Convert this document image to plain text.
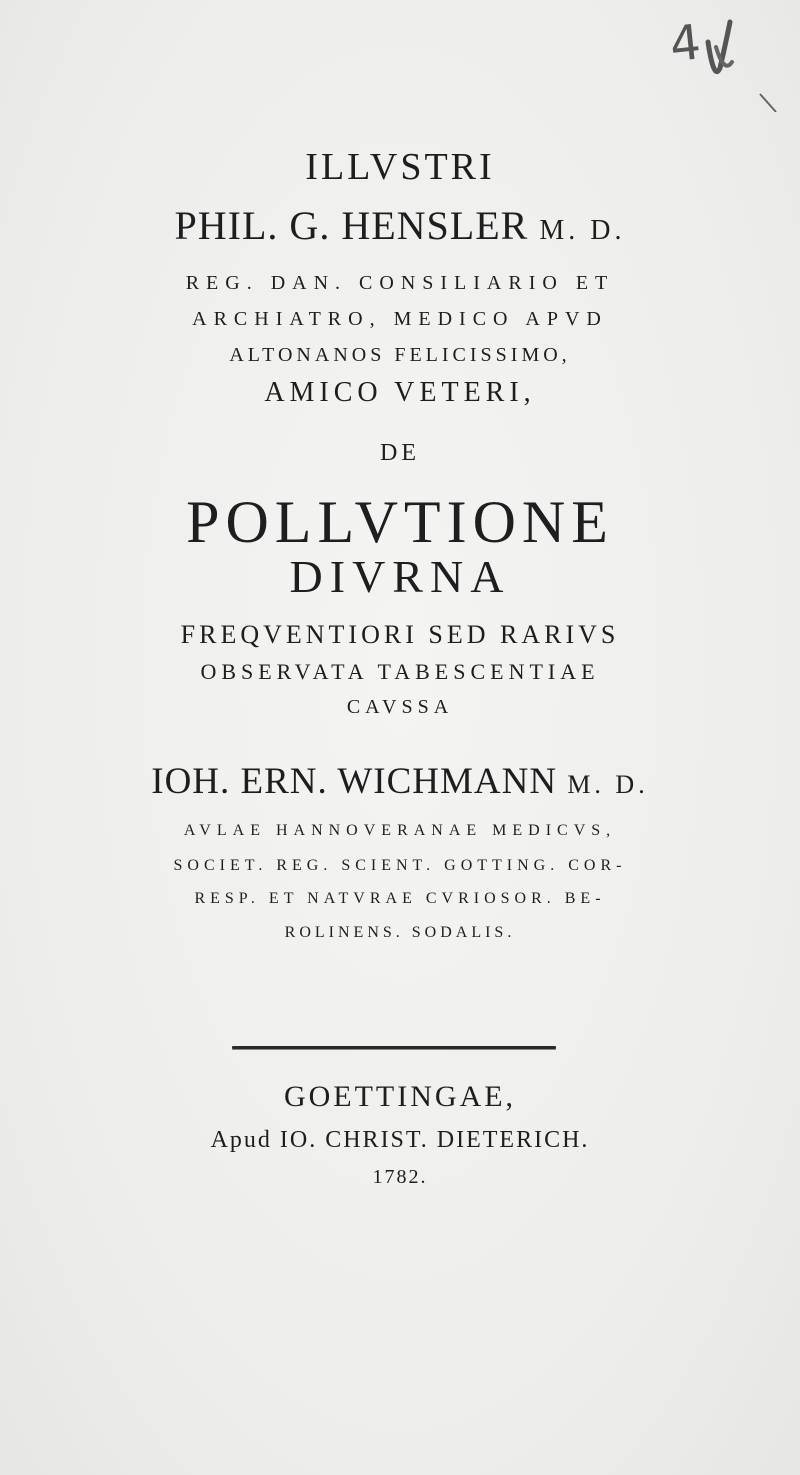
4
ILLVSTRI
PHIL. G. HENSLER M. D.
REG. DAN. CONSILIARIO ET
ARCHIATRO, MEDICO APVD
ALTONANOS FELICISSIMO,
AMICO VETERI,
DE
POLLVTIONE
DIVRNA
FREQVENTIORI SED RARIVS
OBSERVATA TABESCENTIAE
CAVSSA
IOH. ERN. WICHMANN M. D.
AVLAE HANNOVERANAE MEDICVS,
SOCIET. REG. SCIENT. GOTTING. COR-
RESP. ET NATVRAE CVRIOSOR. BE-
ROLINENS. SODALIS.
GOETTINGAE,
Apud IO. CHRIST. DIETERICH.
1782.
